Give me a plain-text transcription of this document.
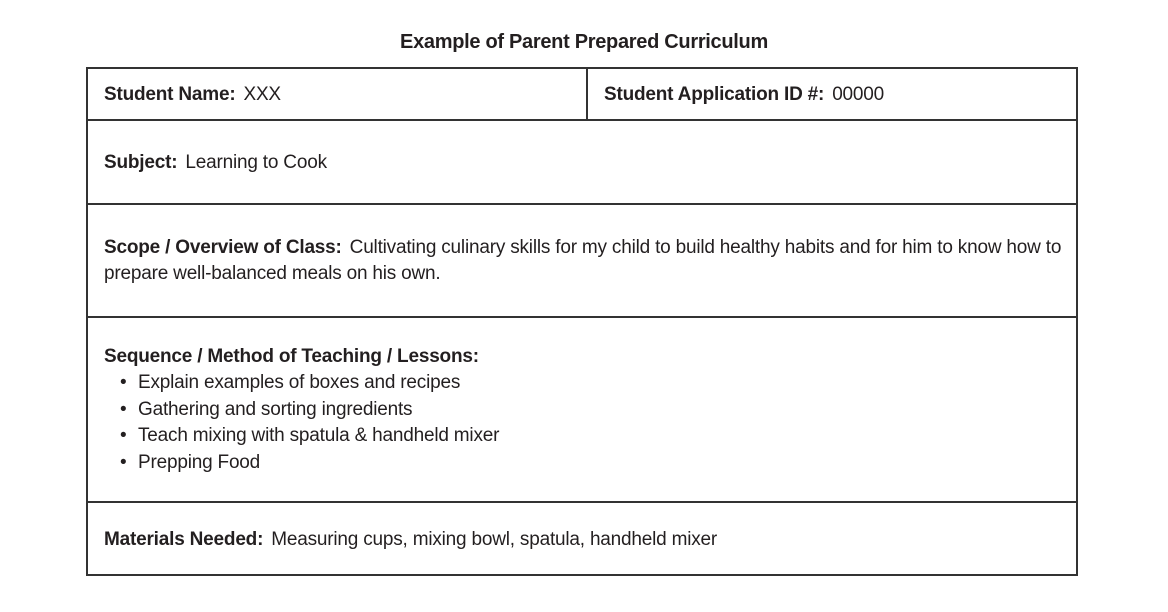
Example of Parent Prepared Curriculum
Student Name: XXX	Student Application ID #: 00000
Subject: Learning to Cook
Scope / Overview of Class: Cultivating culinary skills for my child to build healthy habits and for him to know how to prepare well-balanced meals on his own.
Sequence / Method of Teaching / Lessons:
• Explain examples of boxes and recipes
• Gathering and sorting ingredients
• Teach mixing with spatula & handheld mixer
• Prepping Food
Materials Needed: Measuring cups, mixing bowl, spatula, handheld mixer
